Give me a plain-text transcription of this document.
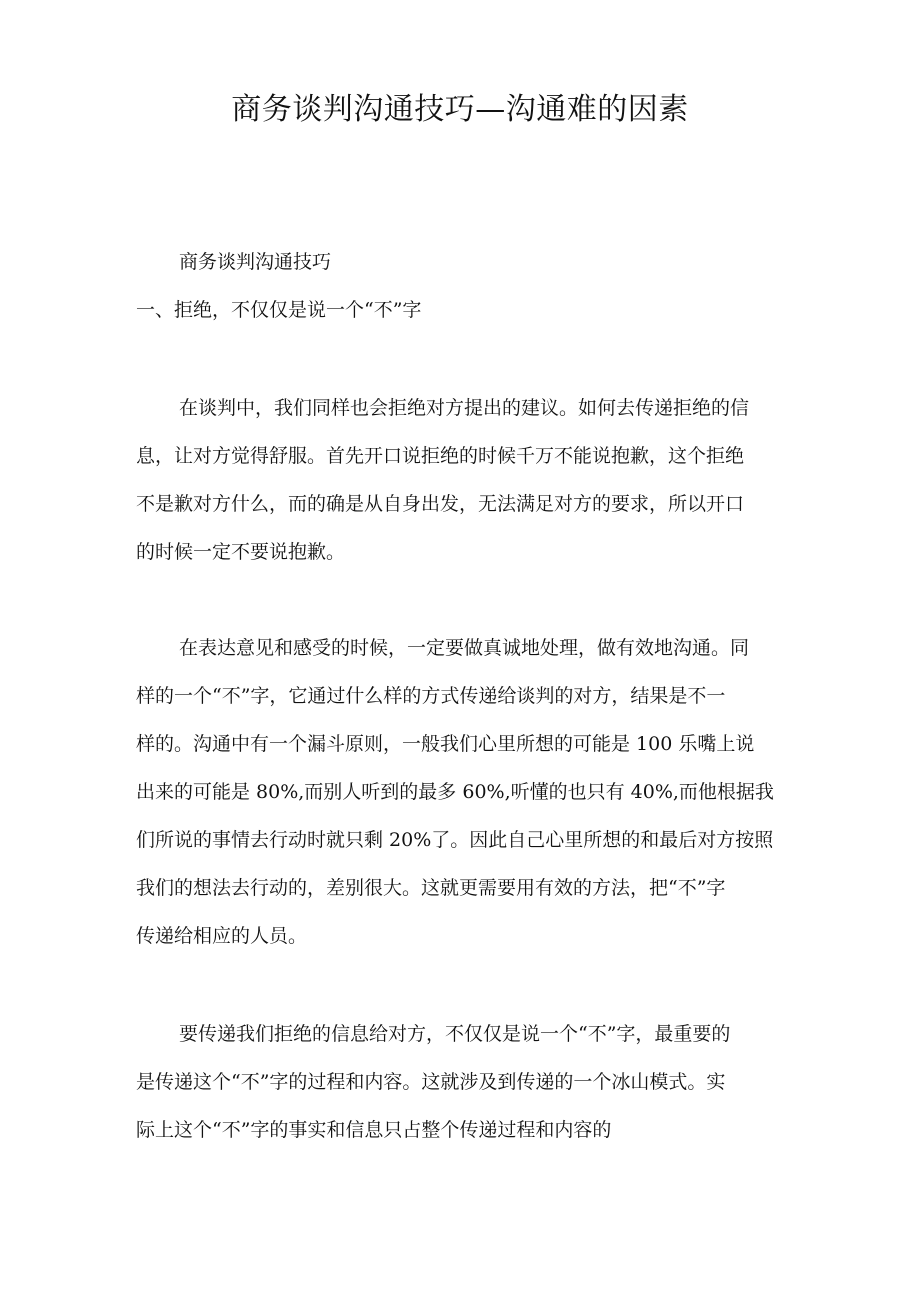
商务谈判沟通技巧—沟通难的因素
商务谈判沟通技巧
一、拒绝，不仅仅是说一个“不”字
在谈判中，我们同样也会拒绝对方提出的建议。如何去传递拒绝的信
息，让对方觉得舒服。首先开口说拒绝的时候千万不能说抱歉，这个拒绝
不是歉对方什么，而的确是从自身出发，无法满足对方的要求，所以开口
的时候一定不要说抱歉。
在表达意见和感受的时候，一定要做真诚地处理，做有效地沟通。同
样的一个“不”字，它通过什么样的方式传递给谈判的对方，结果是不一
样的。沟通中有一个漏斗原则，一般我们心里所想的可能是 100 乐嘴上说
出来的可能是 80%,而别人听到的最多 60%,听懂的也只有 40%,而他根据我
们所说的事情去行动时就只剩 20%了。因此自己心里所想的和最后对方按照
我们的想法去行动的，差别很大。这就更需要用有效的方法，把“不”字
传递给相应的人员。
要传递我们拒绝的信息给对方，不仅仅是说一个“不”字，最重要的
是传递这个“不”字的过程和内容。这就涉及到传递的一个冰山模式。实
际上这个“不”字的事实和信息只占整个传递过程和内容的
